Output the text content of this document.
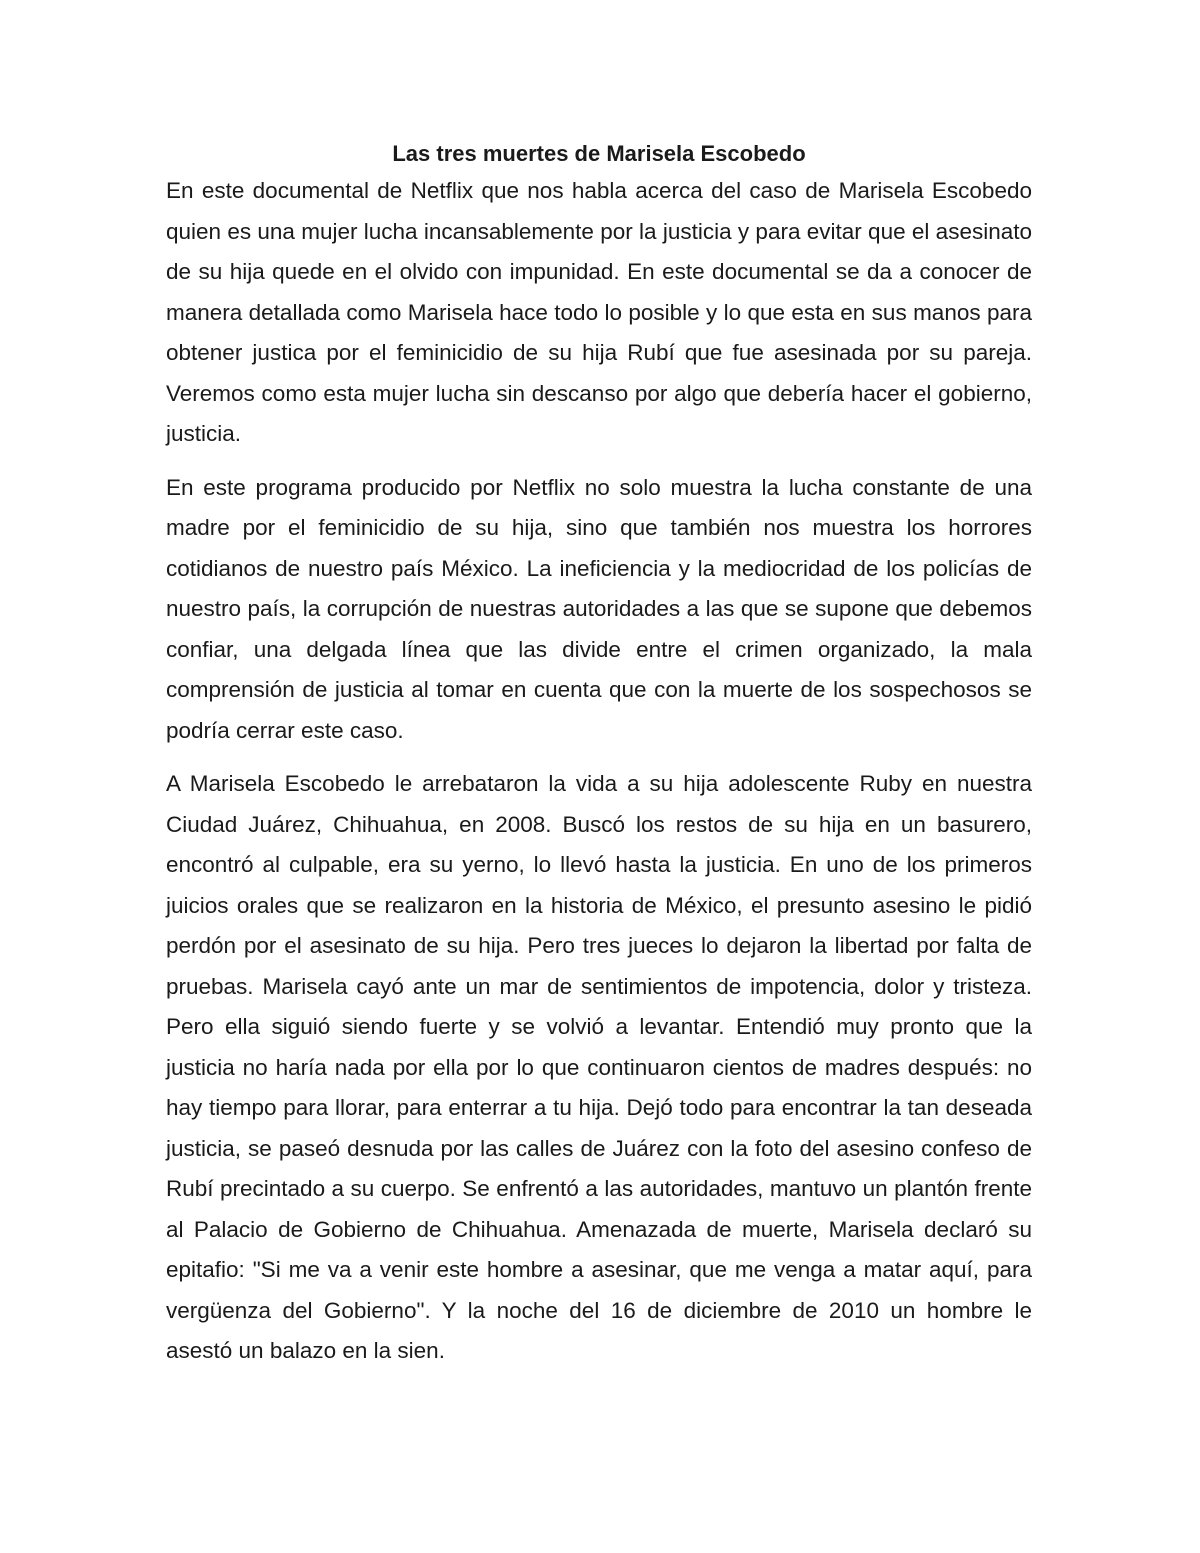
Las tres muertes de Marisela Escobedo

En este documental de Netflix que nos habla acerca del caso de Marisela Escobedo quien es una mujer lucha incansablemente por la justicia y para evitar que el asesinato de su hija quede en el olvido con impunidad. En este documental se da a conocer de manera detallada como Marisela hace todo lo posible y lo que esta en sus manos para obtener justica por el feminicidio de su hija Rubí que fue asesinada por su pareja. Veremos como esta mujer lucha sin descanso por algo que debería hacer el gobierno, justicia.

En este programa producido por Netflix no solo muestra la lucha constante de una madre por el feminicidio de su hija, sino que también nos muestra los horrores cotidianos de nuestro país México. La ineficiencia y la mediocridad de los policías de nuestro país, la corrupción de nuestras autoridades a las que se supone que debemos confiar, una delgada línea que las divide entre el crimen organizado, la mala comprensión de justicia al tomar en cuenta que con la muerte de los sospechosos se podría cerrar este caso.

A Marisela Escobedo le arrebataron la vida a su hija adolescente Ruby en nuestra Ciudad Juárez, Chihuahua, en 2008. Buscó los restos de su hija en un basurero, encontró al culpable, era su yerno, lo llevó hasta la justicia. En uno de los primeros juicios orales que se realizaron en la historia de México, el presunto asesino le pidió perdón por el asesinato de su hija. Pero tres jueces lo dejaron la libertad por falta de pruebas. Marisela cayó ante un mar de sentimientos de impotencia, dolor y tristeza. Pero ella siguió siendo fuerte y se volvió a levantar. Entendió muy pronto que la justicia no haría nada por ella por lo que continuaron cientos de madres después: no hay tiempo para llorar, para enterrar a tu hija. Dejó todo para encontrar la tan deseada justicia, se paseó desnuda por las calles de Juárez con la foto del asesino confeso de Rubí precintado a su cuerpo. Se enfrentó a las autoridades, mantuvo un plantón frente al Palacio de Gobierno de Chihuahua. Amenazada de muerte, Marisela declaró su epitafio: "Si me va a venir este hombre a asesinar, que me venga a matar aquí, para vergüenza del Gobierno". Y la noche del 16 de diciembre de 2010 un hombre le asestó un balazo en la sien.
